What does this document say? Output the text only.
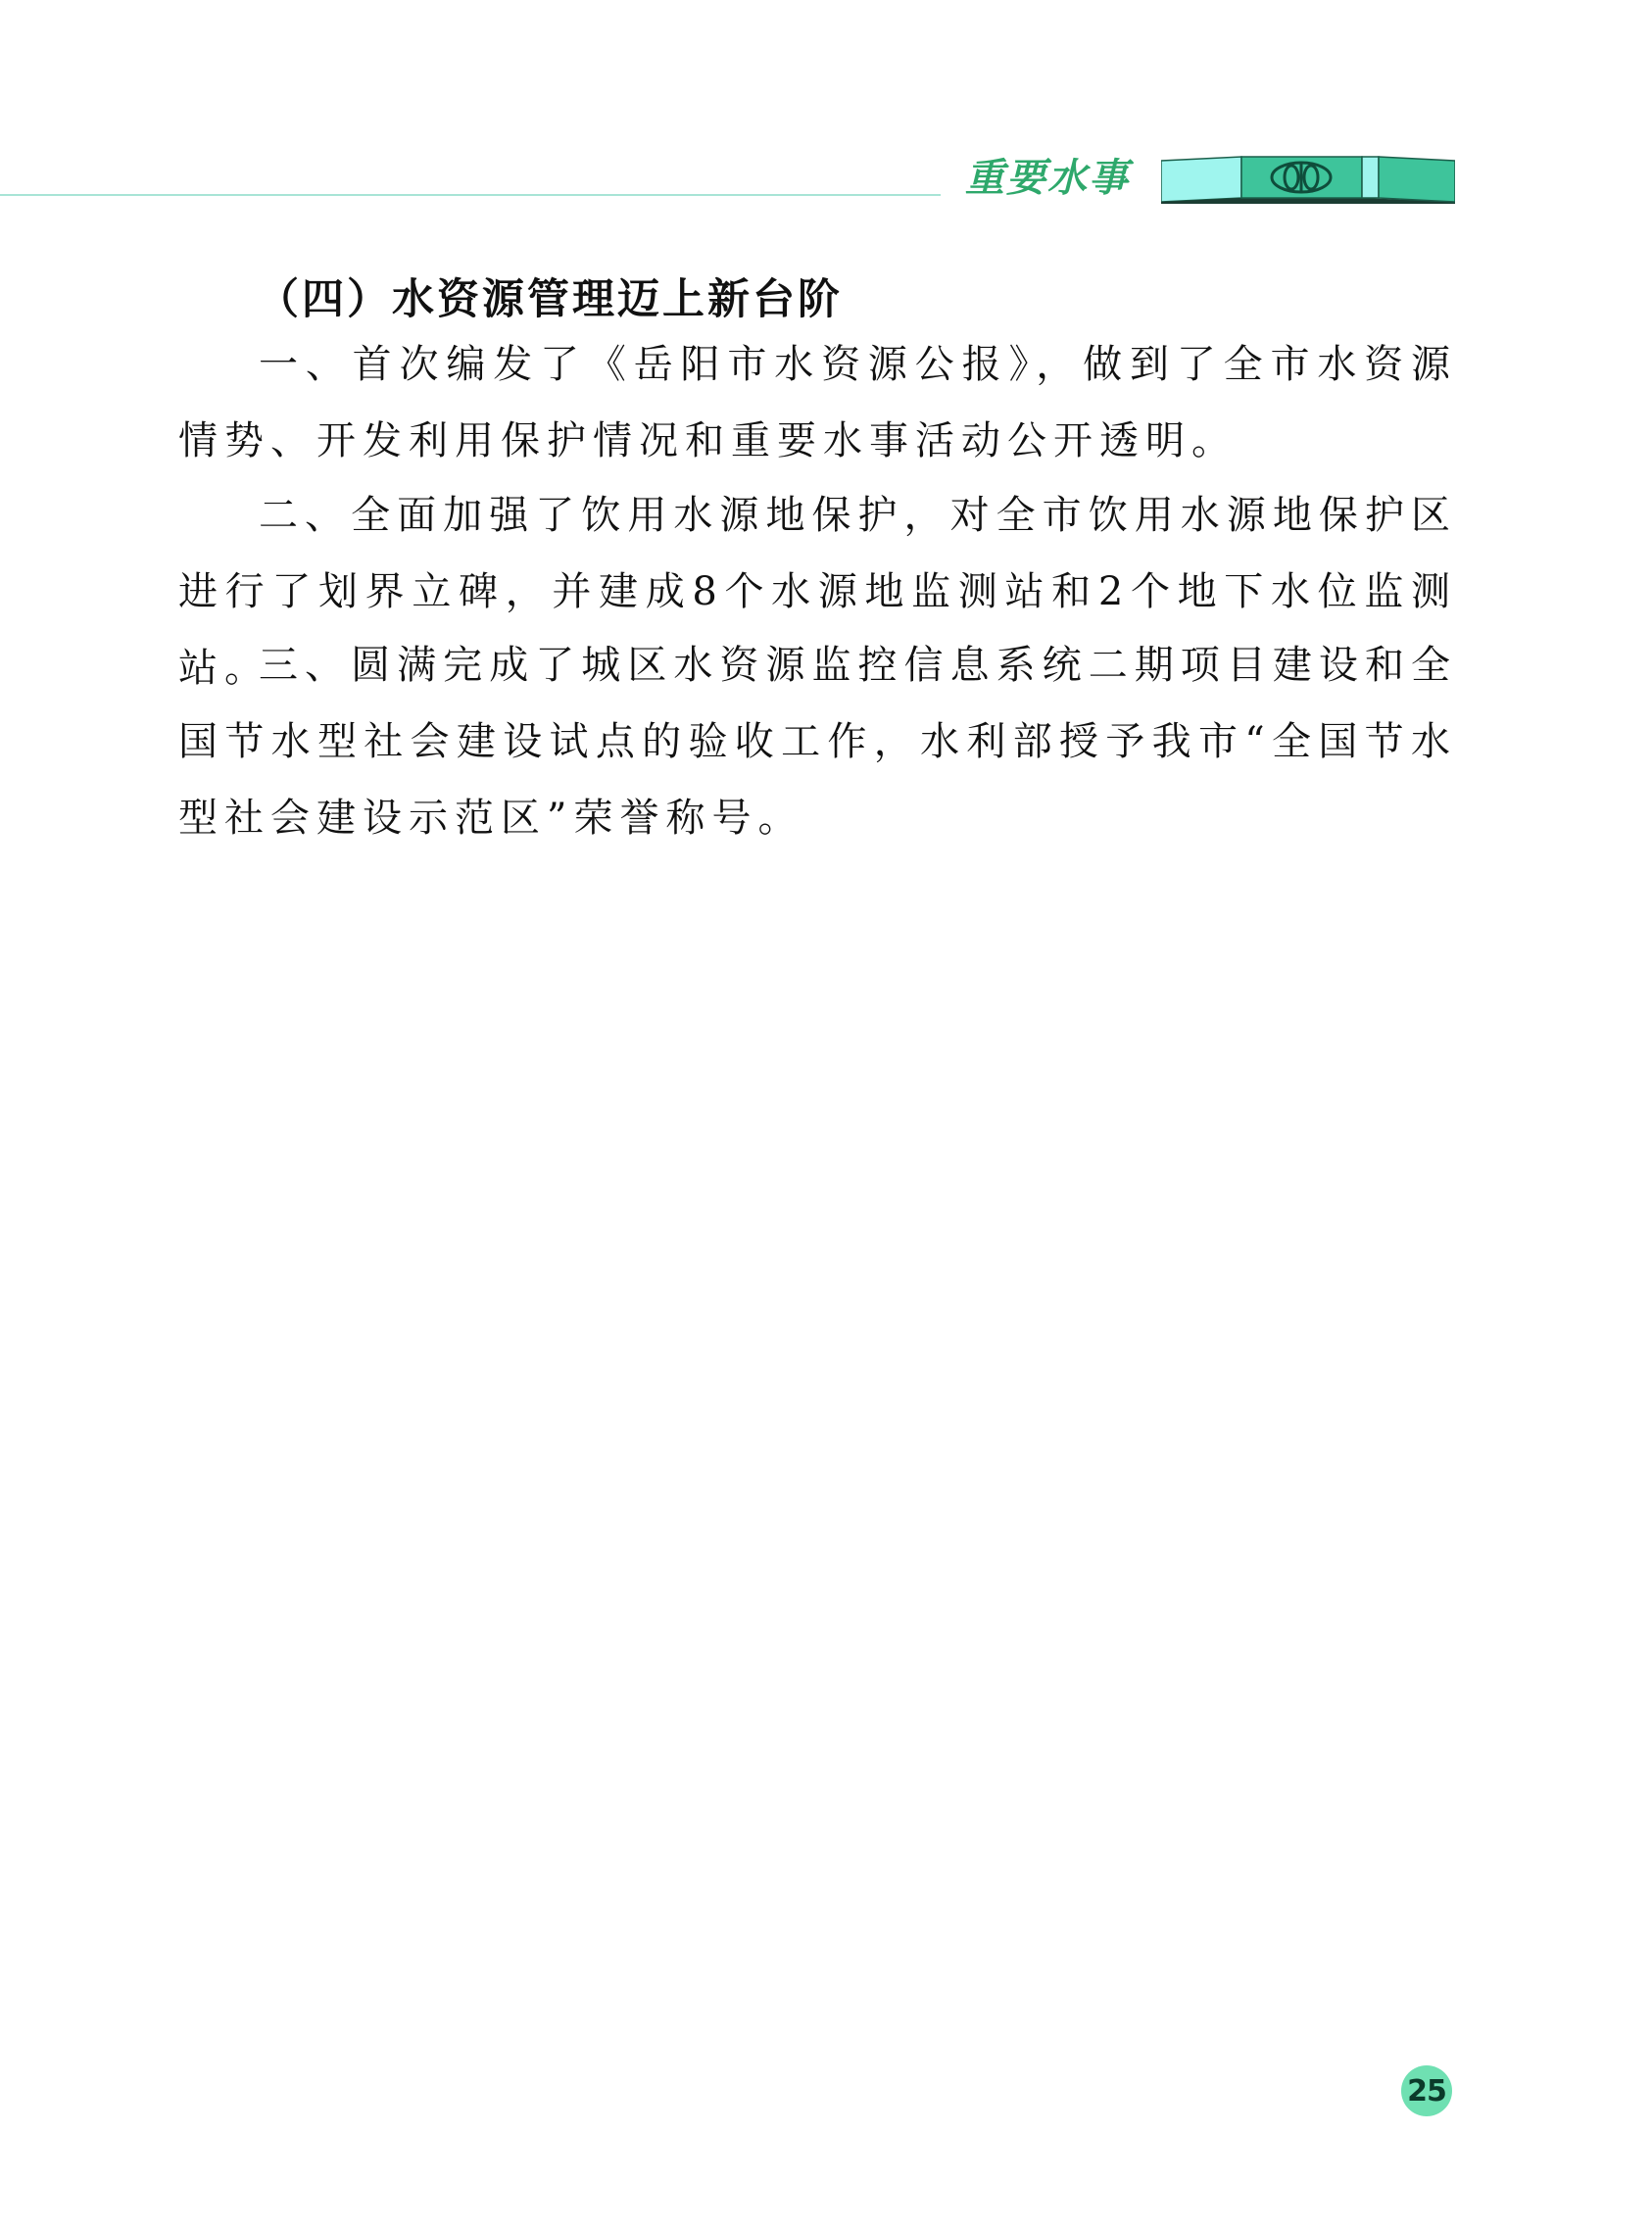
重要水事
（四）水资源管理迈上新台阶

一、首次编发了《岳阳市水资源公报》，做到了全市水资源情势、开发利用保护情况和重要水事活动公开透明。

二、全面加强了饮用水源地保护，对全市饮用水源地保护区进行了划界立碑，并建成8个水源地监测站和2个地下水位监测站。

三、圆满完成了城区水资源监控信息系统二期项目建设和全国节水型社会建设试点的验收工作，水利部授予我市“全国节水型社会建设示范区”荣誉称号。

25
